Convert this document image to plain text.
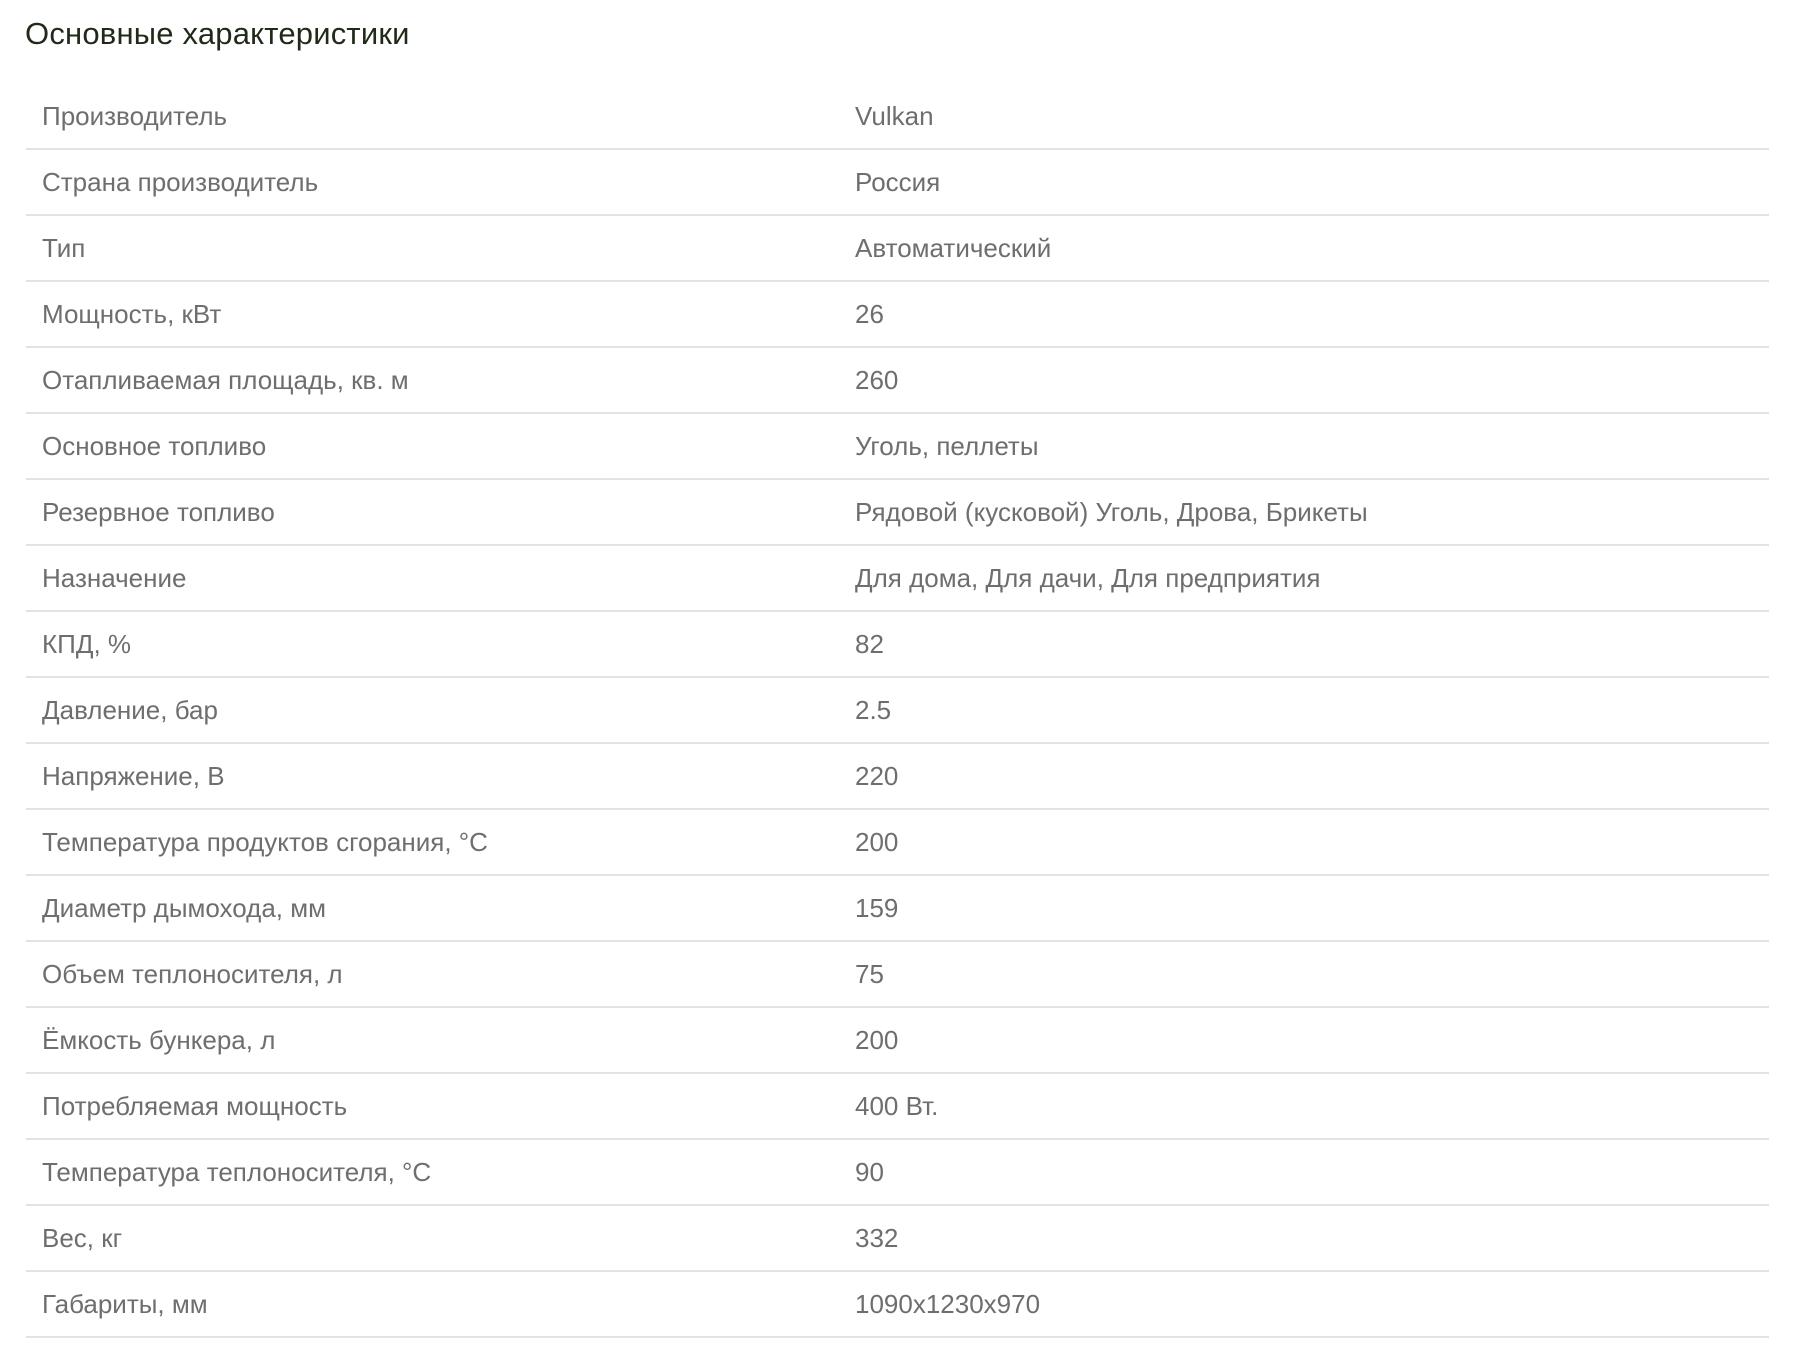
Основные характеристики
Производитель	Vulkan
Страна производитель	Россия
Тип	Автоматический
Мощность, кВт	26
Отапливаемая площадь, кв. м	260
Основное топливо	Уголь, пеллеты
Резервное топливо	Рядовой (кусковой) Уголь, Дрова, Брикеты
Назначение	Для дома, Для дачи, Для предприятия
КПД, %	82
Давление, бар	2.5
Напряжение, В	220
Температура продуктов сгорания, °С	200
Диаметр дымохода, мм	159
Объем теплоносителя, л	75
Ёмкость бункера, л	200
Потребляемая мощность	400 Вт.
Температура теплоносителя, °С	90
Вес, кг	332
Габариты, мм	1090х1230х970
